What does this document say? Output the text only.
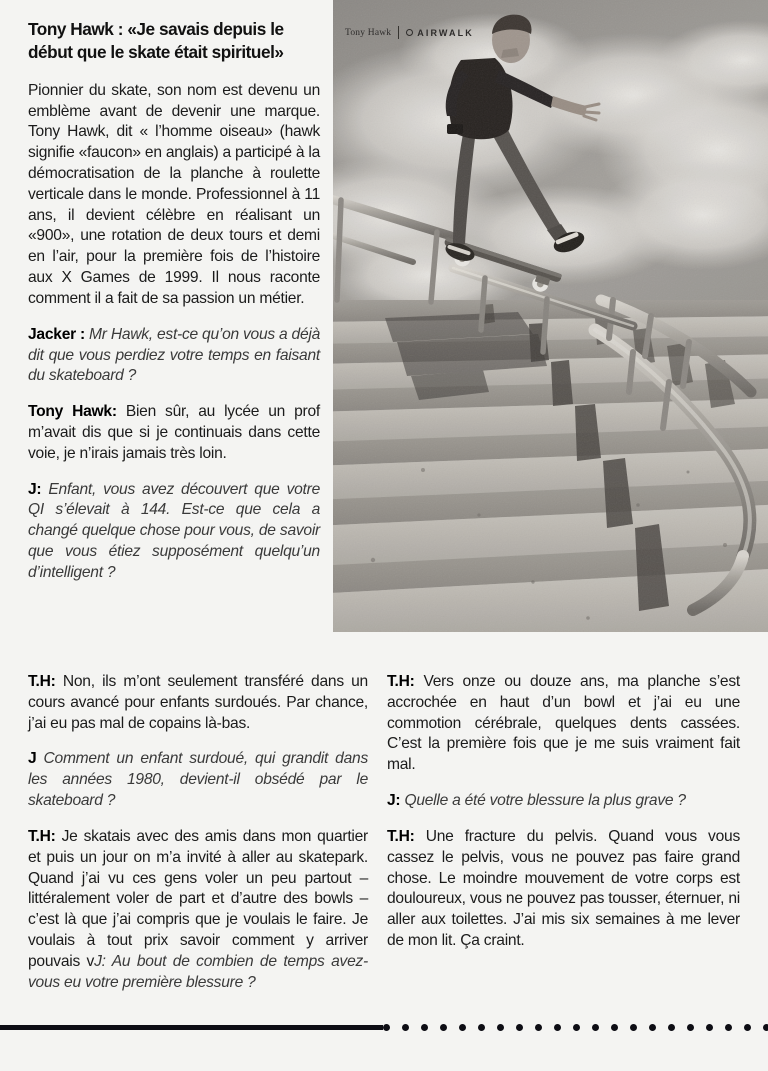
Tony Hawk : «Je savais depuis le début que le skate était spirituel»

Pionnier du skate, son nom est devenu un emblème avant de devenir une marque. Tony Hawk, dit « l’homme oiseau» (hawk signifie «faucon» en anglais) a participé à la démocratisation de la planche à roulette verticale dans le monde. Professionnel à 11 ans, il devient célèbre en réalisant un «900», une rotation de deux tours et demi en l’air, pour la première fois de l’histoire aux X Games de 1999. Il nous raconte comment il a fait de sa passion un métier.

Jacker : Mr Hawk, est-ce qu’on vous a déjà dit que vous perdiez votre temps en faisant du skateboard ?

Tony Hawk: Bien sûr, au lycée un prof m’avait dis que si je continuais dans cette voie, je n’irais jamais très loin.

J: Enfant, vous avez découvert que votre QI s’élevait à 144. Est-ce que cela a changé quelque chose pour vous, de savoir que vous étiez supposément quelqu’un d’intelligent ?

Tony Hawk	AIRWALK

T.H: Non, ils m’ont seulement transféré dans un cours avancé pour enfants surdoués. Par chance, j’ai eu pas mal de copains là-bas.

J Comment un enfant surdoué, qui grandit dans les années 1980, devient-il obsédé par le skateboard ?

T.H: Je skatais avec des amis dans mon quartier et puis un jour on m’a invité à aller au skatepark. Quand j’ai vu ces gens voler un peu partout – littéralement voler de part et d’autre des bowls – c’est là que j’ai compris que je voulais le faire. Je voulais à tout prix savoir comment y arriver pouvais vJ: Au bout de combien de temps avez-vous eu votre première blessure ?

T.H: Vers onze ou douze ans, ma planche s’est accrochée en haut d’un bowl et j’ai eu une commotion cérébrale, quelques dents cassées. C’est la première fois que je me suis vraiment fait mal.

J: Quelle a été votre blessure la plus grave ?

T.H: Une fracture du pelvis. Quand vous vous cassez le pelvis, vous ne pouvez pas faire grand chose. Le moindre mouvement de votre corps est douloureux, vous ne pouvez pas tousser, éternuer, ni aller aux toilettes. J’ai mis six semaines à me lever de mon lit. Ça craint.
